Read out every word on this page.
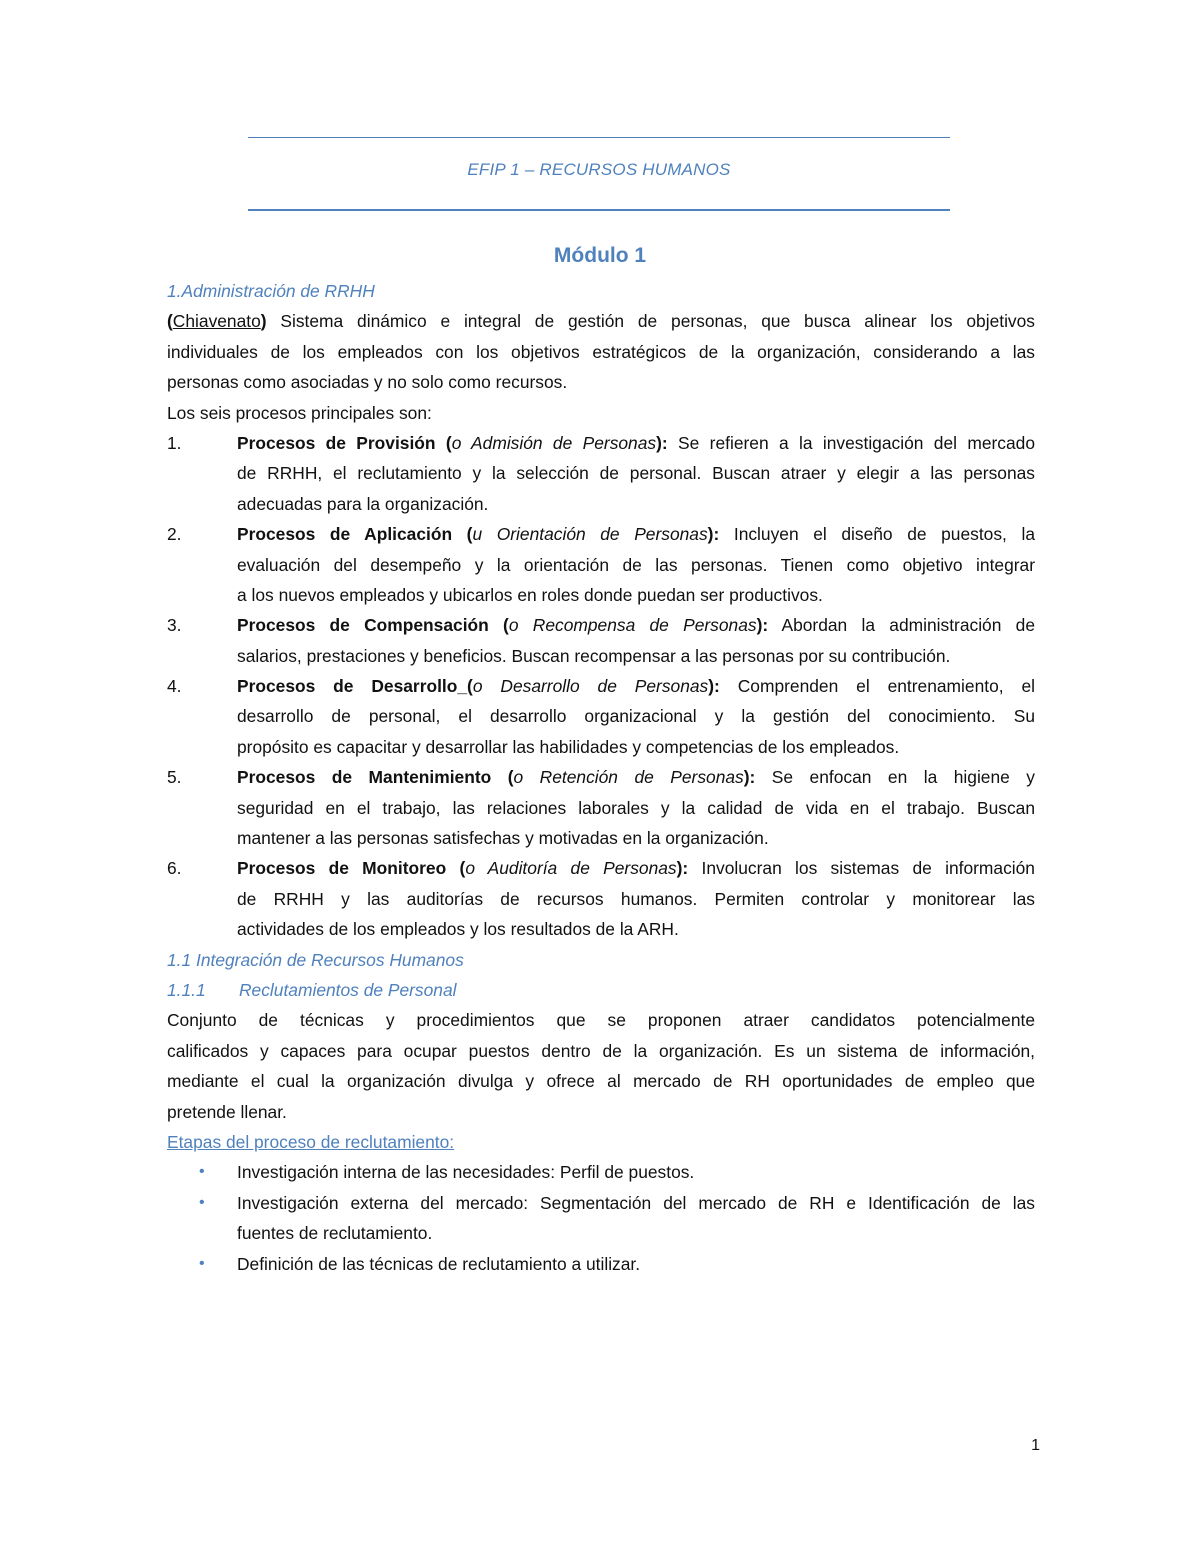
EFIP 1 – RECURSOS HUMANOS
Módulo 1
1.Administración de RRHH
(Chiavenato) Sistema dinámico e integral de gestión de personas, que busca alinear los objetivos
individuales de los empleados con los objetivos estratégicos de la organización, considerando a las
personas como asociadas y no solo como recursos.
Los seis procesos principales son:
1.	Procesos de Provisión (o Admisión de Personas): Se refieren a la investigación del mercado
de RRHH, el reclutamiento y la selección de personal. Buscan atraer y elegir a las personas
adecuadas para la organización.
2.	Procesos de Aplicación (u Orientación de Personas): Incluyen el diseño de puestos, la
evaluación del desempeño y la orientación de las personas. Tienen como objetivo integrar
a los nuevos empleados y ubicarlos en roles donde puedan ser productivos.
3.	Procesos de Compensación (o Recompensa de Personas): Abordan la administración de
salarios, prestaciones y beneficios. Buscan recompensar a las personas por su contribución.
4.	Procesos de Desarrollo_(o Desarrollo de Personas): Comprenden el entrenamiento, el
desarrollo de personal, el desarrollo organizacional y la gestión del conocimiento. Su
propósito es capacitar y desarrollar las habilidades y competencias de los empleados.
5.	Procesos de Mantenimiento (o Retención de Personas): Se enfocan en la higiene y
seguridad en el trabajo, las relaciones laborales y la calidad de vida en el trabajo. Buscan
mantener a las personas satisfechas y motivadas en la organización.
6.	Procesos de Monitoreo (o Auditoría de Personas): Involucran los sistemas de información
de RRHH y las auditorías de recursos humanos. Permiten controlar y monitorear las
actividades de los empleados y los resultados de la ARH.
1.1 Integración de Recursos Humanos
1.1.1 Reclutamientos de Personal
Conjunto de técnicas y procedimientos que se proponen atraer candidatos potencialmente
calificados y capaces para ocupar puestos dentro de la organización. Es un sistema de información,
mediante el cual la organización divulga y ofrece al mercado de RH oportunidades de empleo que
pretende llenar.
Etapas del proceso de reclutamiento:
• Investigación interna de las necesidades: Perfil de puestos.
• Investigación externa del mercado: Segmentación del mercado de RH e Identificación de las
fuentes de reclutamiento.
• Definición de las técnicas de reclutamiento a utilizar.
1
